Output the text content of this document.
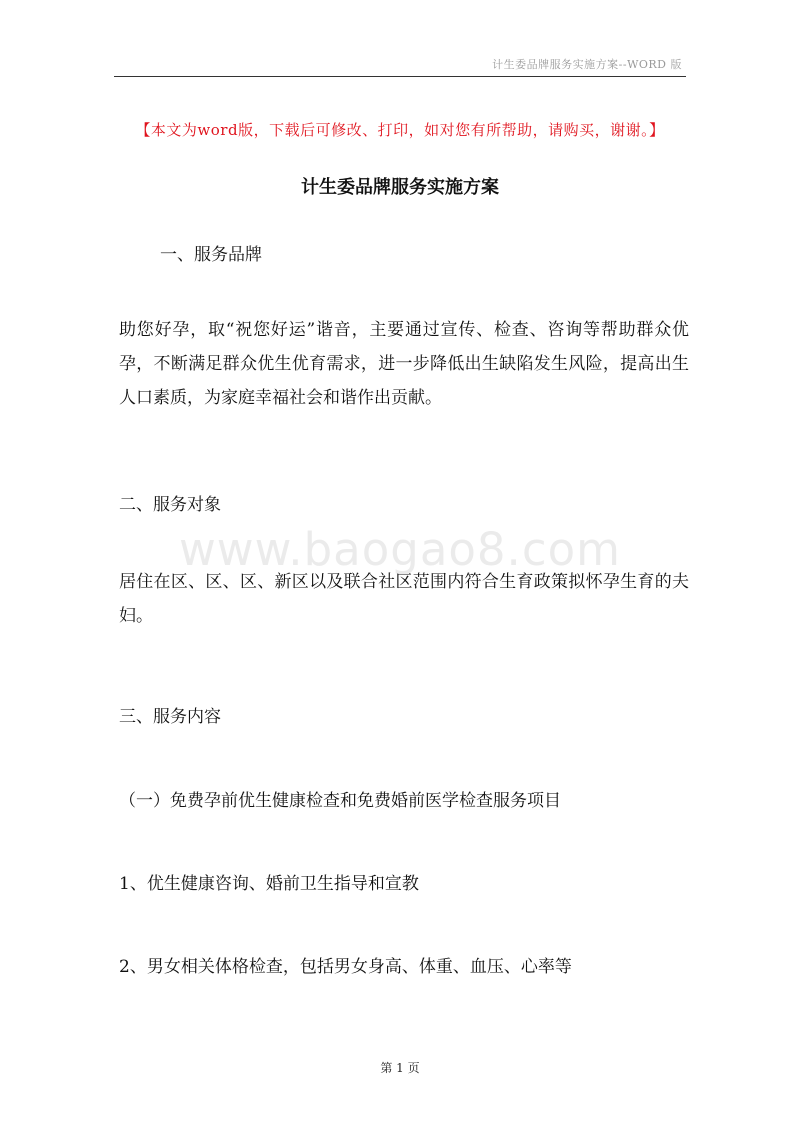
计生委品牌服务实施方案--WORD 版
【本文为word版，下载后可修改、打印，如对您有所帮助，请购买，谢谢。】
计生委品牌服务实施方案
一、服务品牌
助您好孕，取“祝您好运”谐音，主要通过宣传、检查、咨询等帮助群众优孕，不断满足群众优生优育需求，进一步降低出生缺陷发生风险，提高出生人口素质，为家庭幸福社会和谐作出贡献。
二、服务对象
www.baogao8.com
居住在区、区、区、新区以及联合社区范围内符合生育政策拟怀孕生育的夫妇。
三、服务内容
（一）免费孕前优生健康检查和免费婚前医学检查服务项目
1、优生健康咨询、婚前卫生指导和宣教
2、男女相关体格检查，包括男女身高、体重、血压、心率等
第 1 页
